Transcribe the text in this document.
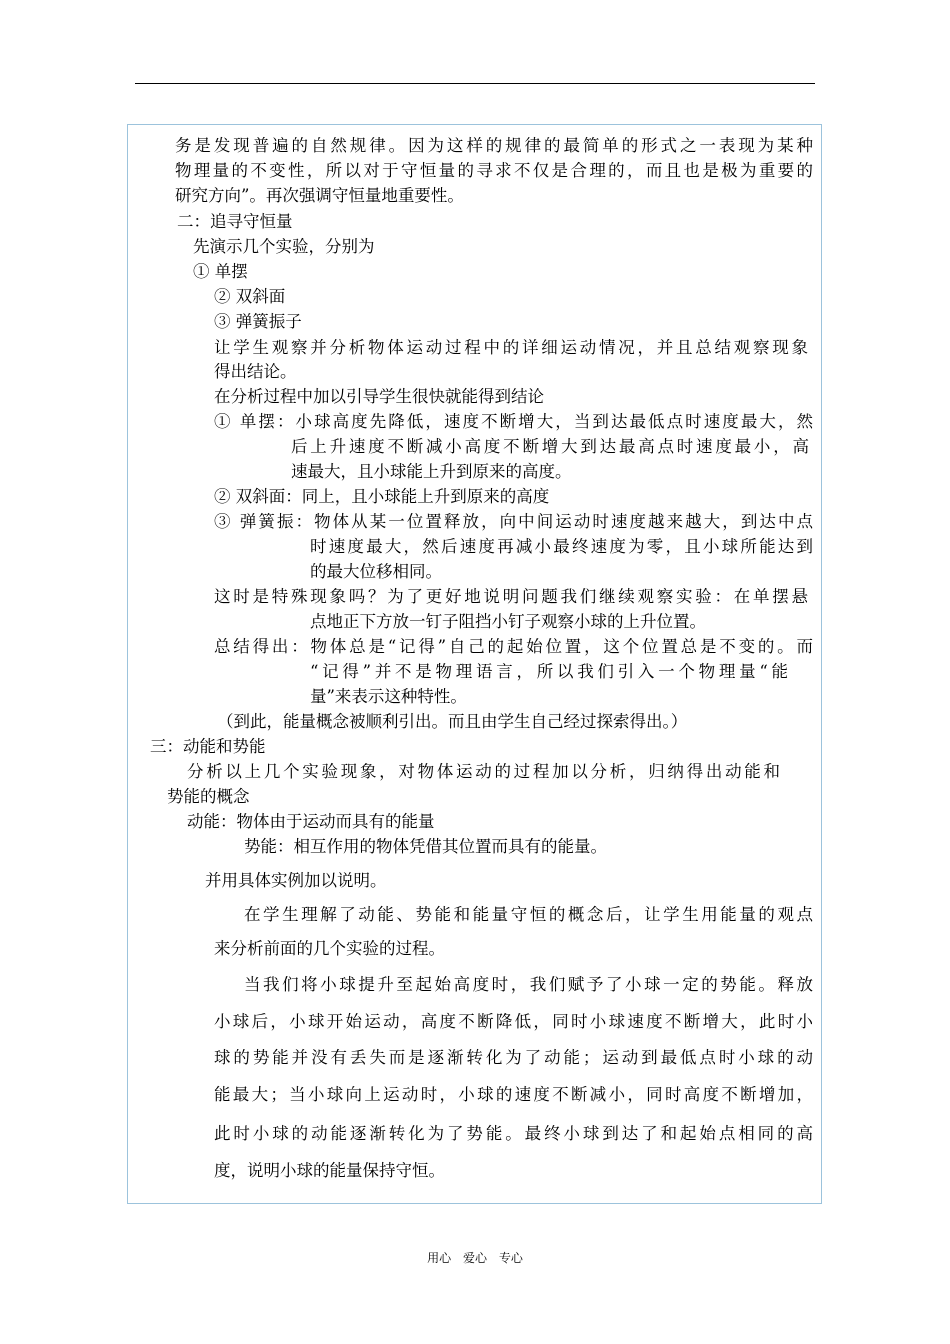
务是发现普遍的自然规律。因为这样的规律的最简单的形式之一表现为某种
物理量的不变性，所以对于守恒量的寻求不仅是合理的，而且也是极为重要的
研究方向”。再次强调守恒量地重要性。
二：追寻守恒量
先演示几个实验，分别为
① 单摆
② 双斜面
③ 弹簧振子
让学生观察并分析物体运动过程中的详细运动情况，并且总结观察现象
得出结论。
在分析过程中加以引导学生很快就能得到结论
① 单摆：小球高度先降低，速度不断增大，当到达最低点时速度最大，然
后上升速度不断减小高度不断增大到达最高点时速度最小，高
速最大，且小球能上升到原来的高度。
② 双斜面：同上，且小球能上升到原来的高度
③ 弹簧振：物体从某一位置释放，向中间运动时速度越来越大，到达中点
时速度最大，然后速度再减小最终速度为零，且小球所能达到
的最大位移相同。
这时是特殊现象吗？为了更好地说明问题我们继续观察实验：在单摆悬
点地正下方放一钉子阻挡小钉子观察小球的上升位置。
总结得出：物体总是“记得”自己的起始位置，这个位置总是不变的。而
“记得”并不是物理语言，所以我们引入一个物理量“能
量”来表示这种特性。
（到此，能量概念被顺利引出。而且由学生自己经过探索得出。）
三：动能和势能
分析以上几个实验现象，对物体运动的过程加以分析，归纳得出动能和
势能的概念
动能：物体由于运动而具有的能量
势能：相互作用的物体凭借其位置而具有的能量。
并用具体实例加以说明。
在学生理解了动能、势能和能量守恒的概念后，让学生用能量的观点
来分析前面的几个实验的过程。
当我们将小球提升至起始高度时，我们赋予了小球一定的势能。释放
小球后，小球开始运动，高度不断降低，同时小球速度不断增大，此时小
球的势能并没有丢失而是逐渐转化为了动能；运动到最低点时小球的动
能最大；当小球向上运动时，小球的速度不断减小，同时高度不断增加，
此时小球的动能逐渐转化为了势能。最终小球到达了和起始点相同的高
度，说明小球的能量保持守恒。
用心 爱心 专心
